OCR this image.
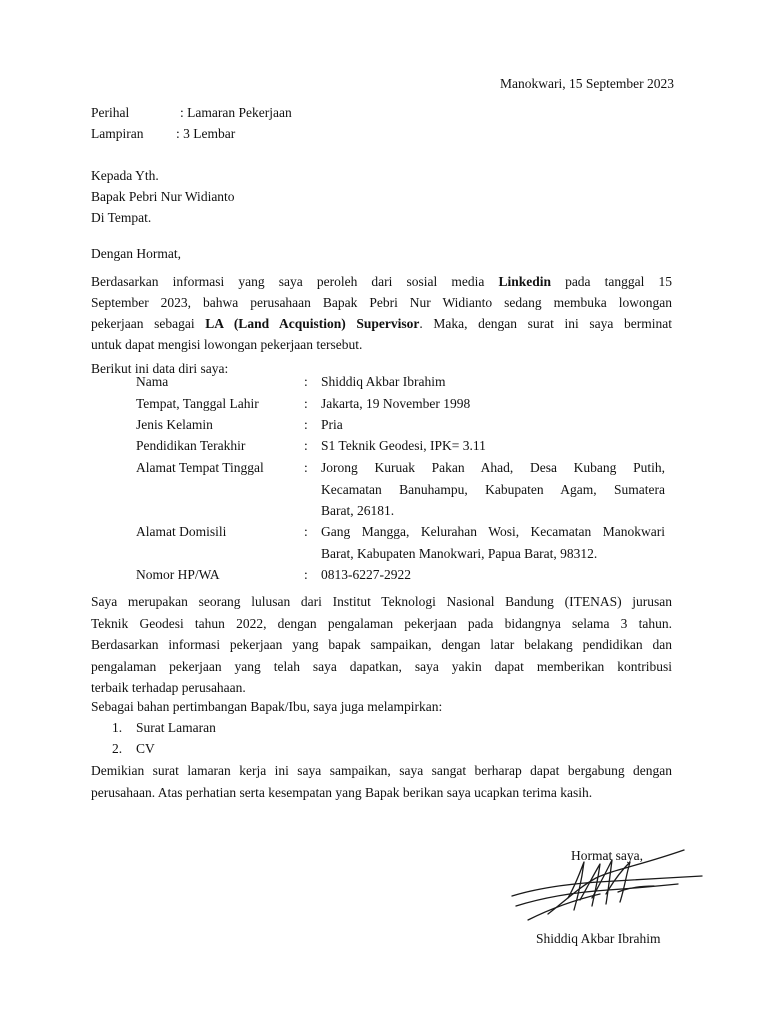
Manokwari, 15 September 2023
Perihal	: Lamaran Pekerjaan
Lampiran : 3 Lembar
Kepada Yth.
Bapak Pebri Nur Widianto
Di Tempat.
Dengan Hormat,
Berdasarkan informasi yang saya peroleh dari sosial media Linkedin pada tanggal 15
September 2023, bahwa perusahaan Bapak Pebri Nur Widianto sedang membuka lowongan
pekerjaan sebagai LA (Land Acquistion) Supervisor. Maka, dengan surat ini saya berminat
untuk dapat mengisi lowongan pekerjaan tersebut.
Berikut ini data diri saya:
Nama	: Shiddiq Akbar Ibrahim
Tempat, Tanggal Lahir	: Jakarta, 19 November 1998
Jenis Kelamin	: Pria
Pendidikan Terakhir	: S1 Teknik Geodesi, IPK= 3.11
Alamat Tempat Tinggal	: Jorong Kuruak Pakan Ahad, Desa Kubang Putih,
Kecamatan Banuhampu, Kabupaten Agam, Sumatera
Barat, 26181.
Alamat Domisili	: Gang Mangga, Kelurahan Wosi, Kecamatan Manokwari
Barat, Kabupaten Manokwari, Papua Barat, 98312.
Nomor HP/WA	: 0813-6227-2922
Saya merupakan seorang lulusan dari Institut Teknologi Nasional Bandung (ITENAS) jurusan
Teknik Geodesi tahun 2022, dengan pengalaman pekerjaan pada bidangnya selama 3 tahun.
Berdasarkan informasi pekerjaan yang bapak sampaikan, dengan latar belakang pendidikan dan
pengalaman pekerjaan yang telah saya dapatkan, saya yakin dapat memberikan kontribusi
terbaik terhadap perusahaan.
Sebagai bahan pertimbangan Bapak/Ibu, saya juga melampirkan:
1. Surat Lamaran
2. CV
Demikian surat lamaran kerja ini saya sampaikan, saya sangat berharap dapat bergabung dengan
perusahaan. Atas perhatian serta kesempatan yang Bapak berikan saya ucapkan terima kasih.
Hormat saya,
Shiddiq Akbar Ibrahim
